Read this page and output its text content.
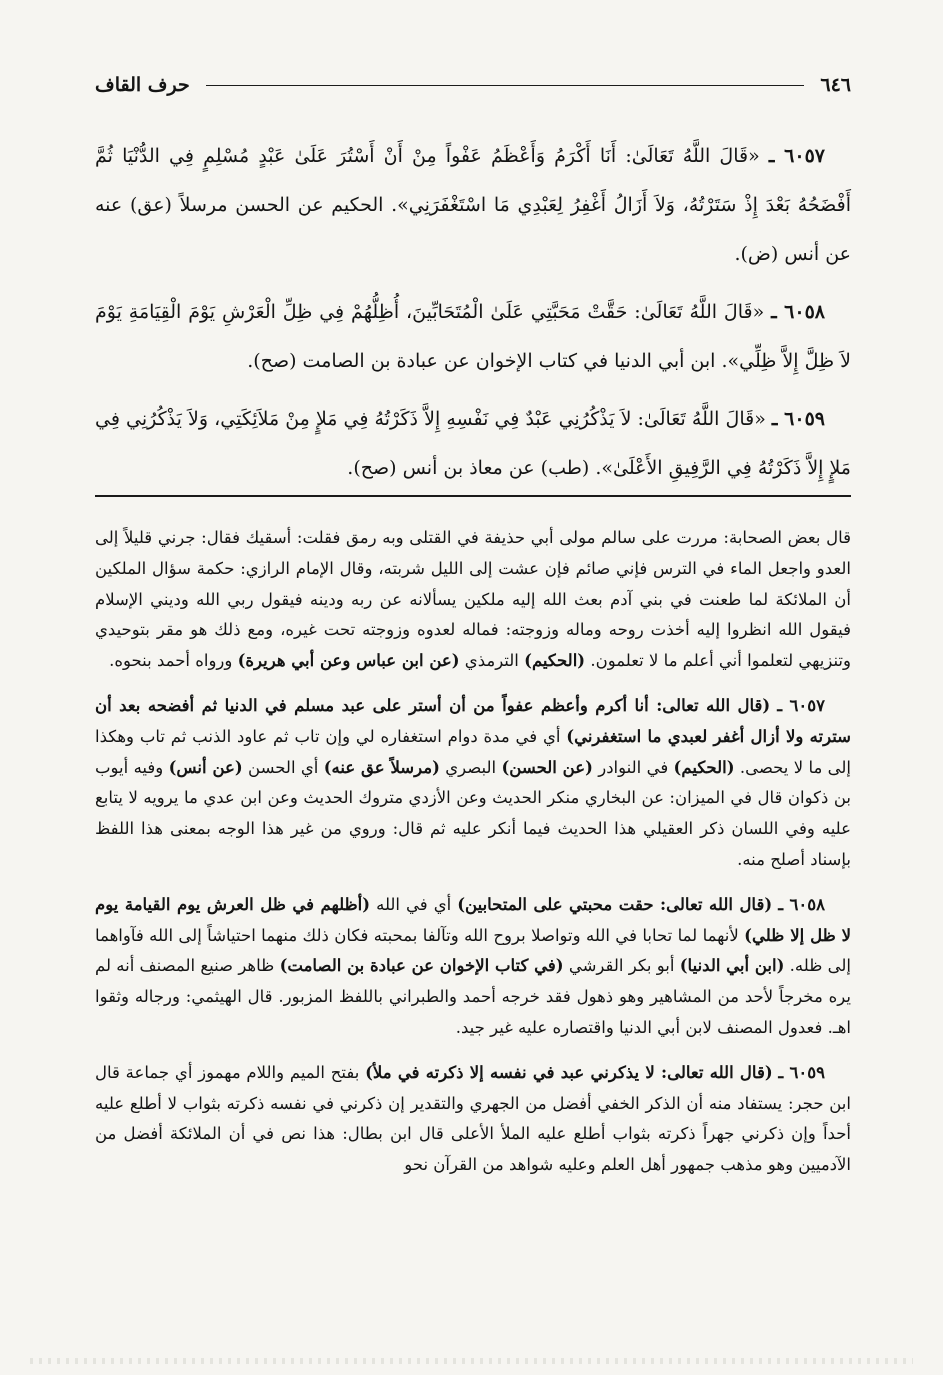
٦٤٦
حرف القاف

٦٠٥٧ ـ «قَالَ اللَّهُ تَعَالَىٰ: أَنَا أَكْرَمُ وَأَعْظَمُ عَفْواً مِنْ أَنْ أَسْتُرَ عَلَىٰ عَبْدٍ مُسْلِمٍ فِي الدُّنْيَا ثُمَّ أَفْضَحُهُ بَعْدَ إِذْ سَتَرْتُهُ، وَلاَ أَزَالُ أَغْفِرُ لِعَبْدِي مَا اسْتَغْفَرَنِي». الحكيم عن الحسن مرسلاً (عق) عنه عن أنس (ض).

٦٠٥٨ ـ «قَالَ اللَّهُ تَعَالَىٰ: حَقَّتْ مَحَبَّتِي عَلَىٰ الْمُتَحَابِّينَ، أُظِلُّهُمْ فِي ظِلِّ الْعَرْشِ يَوْمَ الْقِيَامَةِ يَوْمَ لاَ ظِلَّ إِلاَّ ظِلِّي». ابن أبي الدنيا في كتاب الإخوان عن عبادة بن الصامت (صح).

٦٠٥٩ ـ «قَالَ اللَّهُ تَعَالَىٰ: لاَ يَذْكُرُنِي عَبْدٌ فِي نَفْسِهِ إِلاَّ ذَكَرْتُهُ فِي مَلإٍ مِنْ مَلاَئِكَتِي، وَلاَ يَذْكُرُنِي فِي مَلإٍ إِلاَّ ذَكَرْتُهُ فِي الرَّفِيقِ الأَعْلَىٰ». (طب) عن معاذ بن أنس (صح).

قال بعض الصحابة: مررت على سالم مولى أبي حذيفة في القتلى وبه رمق فقلت: أسقيك فقال: جرني قليلاً إلى العدو واجعل الماء في الترس فإني صائم فإن عشت إلى الليل شربته، وقال الإمام الرازي: حكمة سؤال الملكين أن الملائكة لما طعنت في بني آدم بعث الله إليه ملكين يسألانه عن ربه ودينه فيقول ربي الله وديني الإسلام فيقول الله انظروا إليه أخذت روحه وماله وزوجته: فماله لعدوه وزوجته تحت غيره، ومع ذلك هو مقر بتوحيدي وتنزيهي لتعلموا أني أعلم ما لا تعلمون. (الحكيم) الترمذي (عن ابن عباس وعن أبي هريرة) ورواه أحمد بنحوه.

٦٠٥٧ ـ (قال الله تعالى: أنا أكرم وأعظم عفواً من أن أستر على عبد مسلم في الدنيا ثم أفضحه بعد أن سترته ولا أزال أغفر لعبدي ما استغفرني) أي في مدة دوام استغفاره لي وإن تاب ثم عاود الذنب ثم تاب وهكذا إلى ما لا يحصى. (الحكيم) في النوادر (عن الحسن) البصري (مرسلاً عق عنه) أي الحسن (عن أنس) وفيه أيوب بن ذكوان قال في الميزان: عن البخاري منكر الحديث وعن الأزدي متروك الحديث وعن ابن عدي ما يرويه لا يتابع عليه وفي اللسان ذكر العقيلي هذا الحديث فيما أنكر عليه ثم قال: وروي من غير هذا الوجه بمعنى هذا اللفظ بإسناد أصلح منه.

٦٠٥٨ ـ (قال الله تعالى: حقت محبتي على المتحابين) أي في الله (أظلهم في ظل العرش يوم القيامة يوم لا ظل إلا ظلي) لأنهما لما تحابا في الله وتواصلا بروح الله وتآلفا بمحبته فكان ذلك منهما احتياشاً إلى الله فآواهما إلى ظله. (ابن أبي الدنيا) أبو بكر القرشي (في كتاب الإخوان عن عبادة بن الصامت) ظاهر صنيع المصنف أنه لم يره مخرجاً لأحد من المشاهير وهو ذهول فقد خرجه أحمد والطبراني باللفظ المزبور. قال الهيثمي: ورجاله وثقوا اهـ. فعدول المصنف لابن أبي الدنيا واقتصاره عليه غير جيد.

٦٠٥٩ ـ (قال الله تعالى: لا يذكرني عبد في نفسه إلا ذكرته في ملأ) بفتح الميم واللام مهموز أي جماعة قال ابن حجر: يستفاد منه أن الذكر الخفي أفضل من الجهري والتقدير إن ذكرني في نفسه ذكرته بثواب لا أطلع عليه أحداً وإن ذكرني جهراً ذكرته بثواب أطلع عليه الملأ الأعلى قال ابن بطال: هذا نص في أن الملائكة أفضل من الآدميين وهو مذهب جمهور أهل العلم وعليه شواهد من القرآن نحو
